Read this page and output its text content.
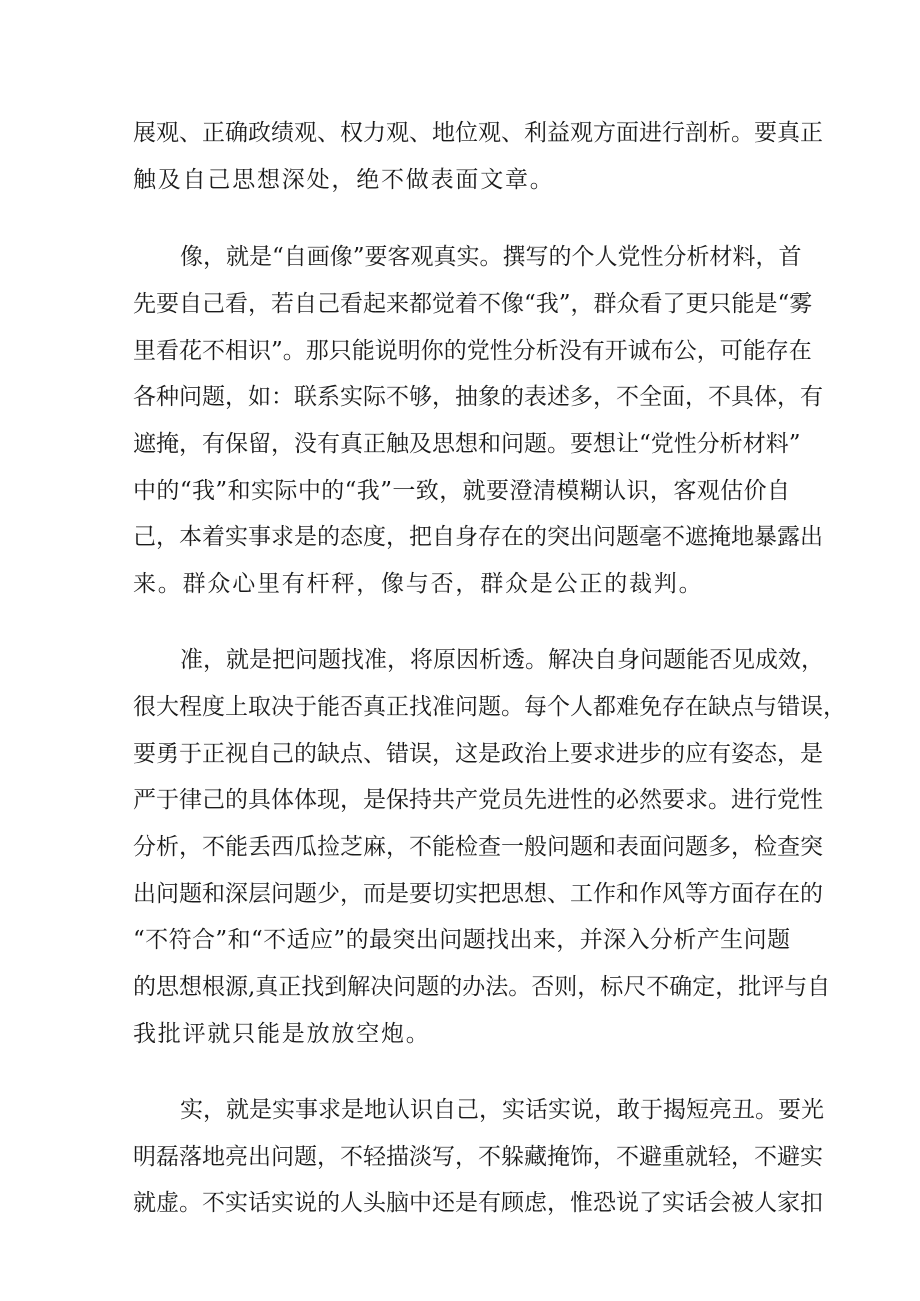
展观、正确政绩观、权力观、地位观、利益观方面进行剖析。要真正
触及自己思想深处，绝不做表面文章。
像，就是“自画像”要客观真实。撰写的个人党性分析材料，首
先要自己看，若自己看起来都觉着不像“我”，群众看了更只能是“雾
里看花不相识”。那只能说明你的党性分析没有开诚布公，可能存在
各种问题，如：联系实际不够，抽象的表述多，不全面，不具体，有
遮掩，有保留，没有真正触及思想和问题。要想让“党性分析材料”
中的“我”和实际中的“我”一致，就要澄清模糊认识，客观估价自
己，本着实事求是的态度，把自身存在的突出问题毫不遮掩地暴露出
来。群众心里有杆秤，像与否，群众是公正的裁判。
准，就是把问题找准，将原因析透。解决自身问题能否见成效，
很大程度上取决于能否真正找准问题。每个人都难免存在缺点与错误，
要勇于正视自己的缺点、错误，这是政治上要求进步的应有姿态，是
严于律己的具体体现，是保持共产党员先进性的必然要求。进行党性
分析，不能丢西瓜捡芝麻，不能检查一般问题和表面问题多，检查突
出问题和深层问题少，而是要切实把思想、工作和作风等方面存在的
“不符合”和“不适应”的最突出问题找出来，并深入分析产生问题
的思想根源,真正找到解决问题的办法。否则，标尺不确定，批评与自
我批评就只能是放放空炮。
实，就是实事求是地认识自己，实话实说，敢于揭短亮丑。要光
明磊落地亮出问题，不轻描淡写，不躲藏掩饰，不避重就轻，不避实
就虚。不实话实说的人头脑中还是有顾虑，惟恐说了实话会被人家扣
